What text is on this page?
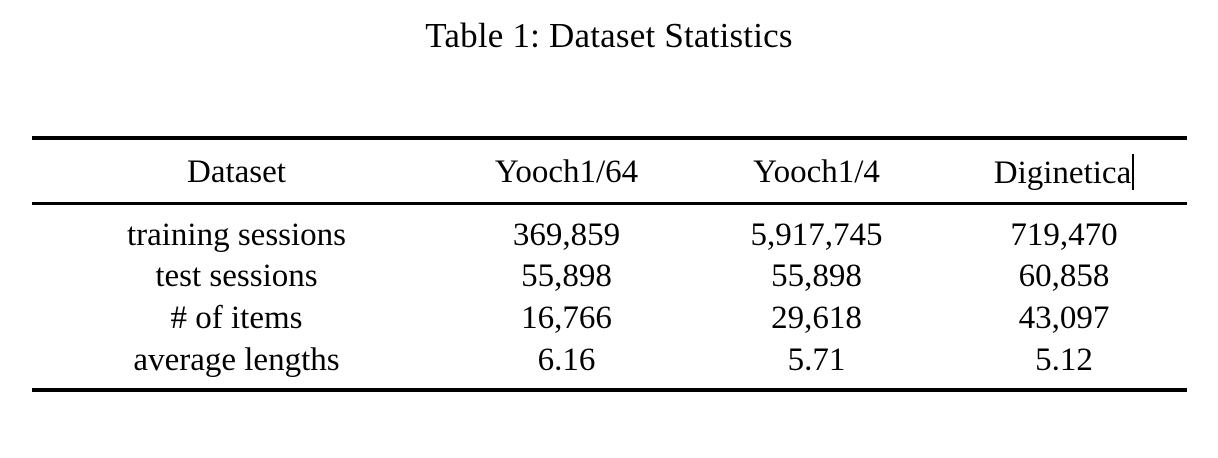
Table 1: Dataset Statistics

Dataset	Yooch1/64	Yooch1/4	Diginetica

training sessions	369,859	5,917,745	719,470
test sessions	55,898	55,898	60,858
# of items	16,766	29,618	43,097
average lengths	6.16	5.71	5.12
